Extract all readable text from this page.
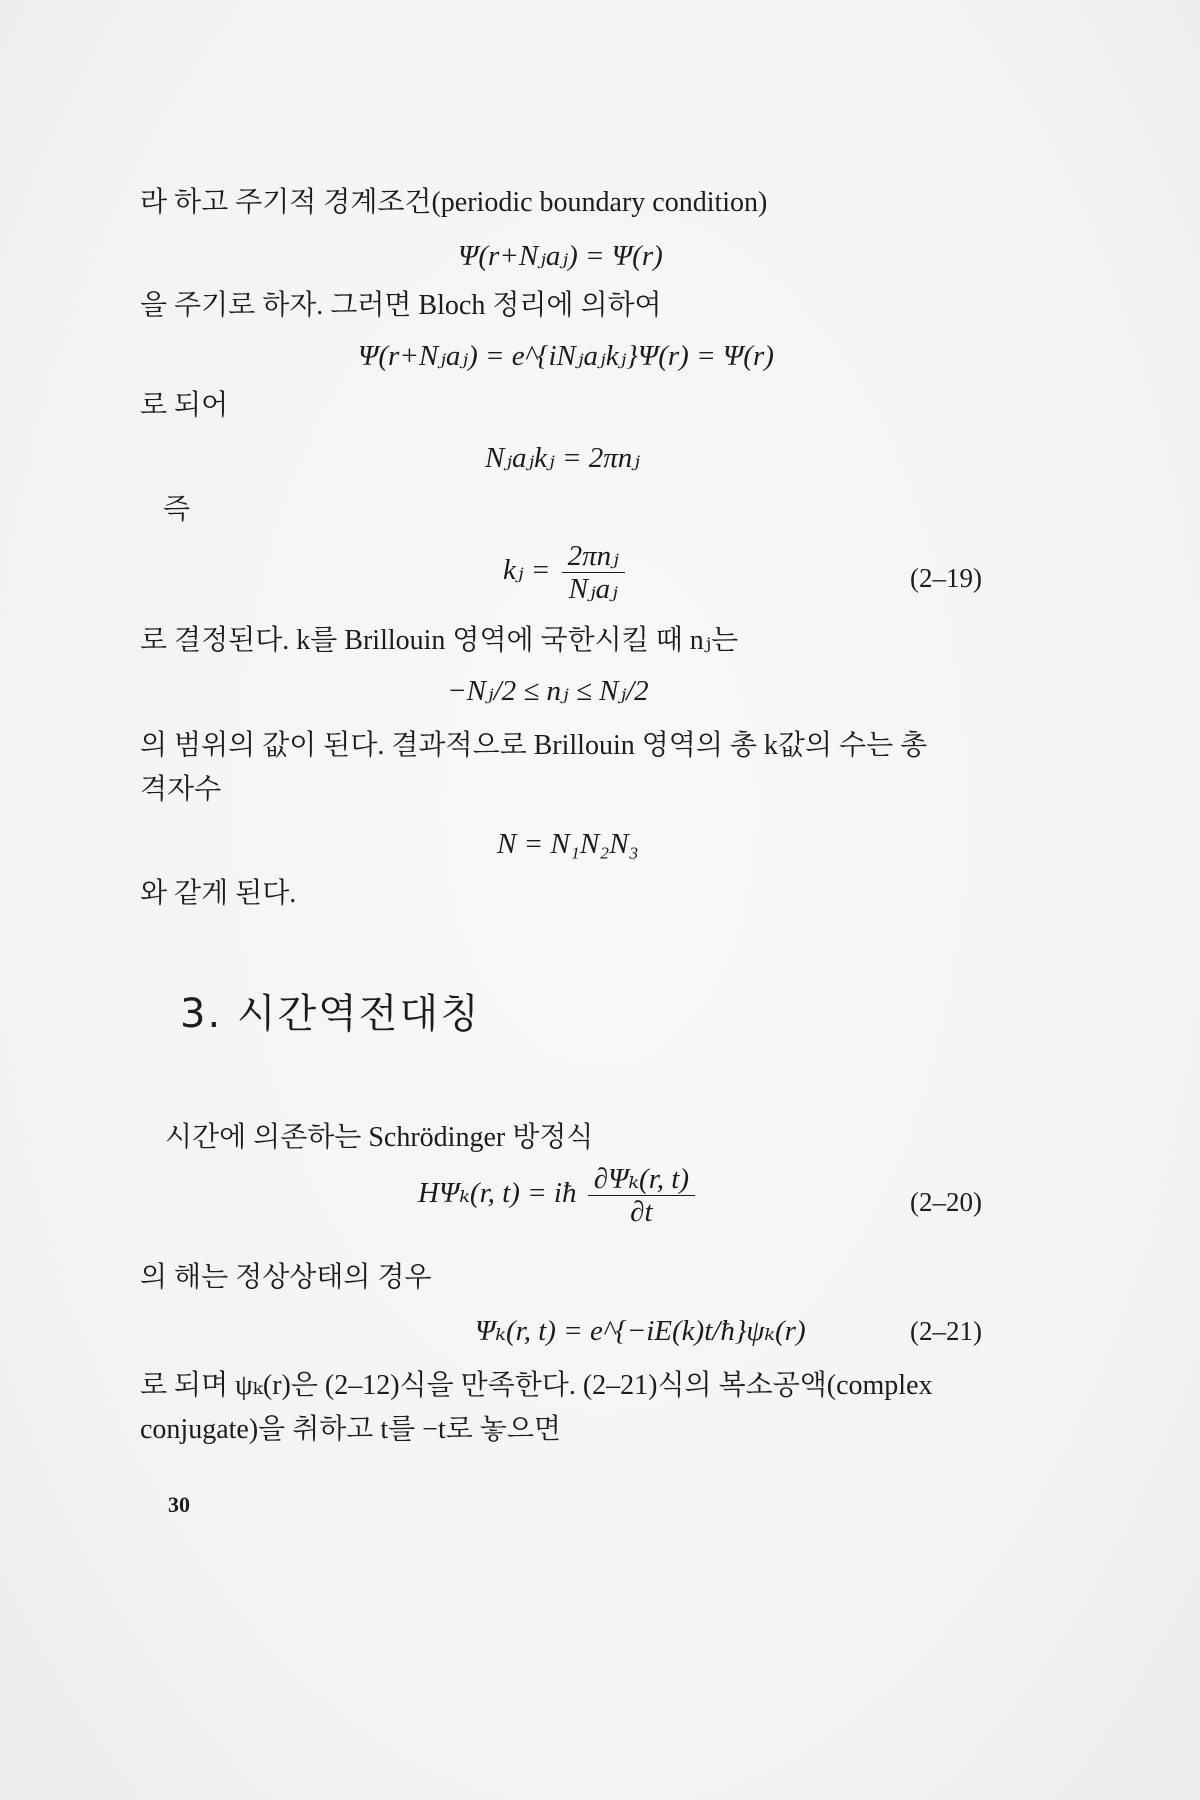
라 하고 주기적 경계조건(periodic boundary condition)
Ψ(r+Nⱼaⱼ) = Ψ(r)
을 주기로 하자. 그러면 Bloch 정리에 의하여
Ψ(r+Nⱼaⱼ) = e^{iNⱼaⱼkⱼ}Ψ(r) = Ψ(r)
로 되어
Nⱼaⱼkⱼ = 2πnⱼ
즉
kⱼ = $\frac{\text{2πnⱼ}}{\text{Nⱼaⱼ}}$	(2–19)
로 결정된다. k를 Brillouin 영역에 국한시킬 때 nⱼ는
−Nⱼ/2 ≤ nⱼ ≤ Nⱼ/2
의 범위의 값이 된다. 결과적으로 Brillouin 영역의 총 k값의 수는 총
격자수
N = N₁N₂N₃
와 같게 된다.
3. 시간역전대칭
시간에 의존하는 Schrödinger 방정식
HΨₖ(r, t) = iħ $\frac{\text{∂Ψₖ(r, t)}}{\partial t}$	(2–20)
의 해는 정상상태의 경우
Ψₖ(r, t) = e^{−iE(k)t/ħ}ψₖ(r)	(2–21)
로 되며 ψₖ(r)은 (2–12)식을 만족한다. (2–21)식의 복소공액(complex
conjugate)을 취하고 t를 −t로 놓으면
30
